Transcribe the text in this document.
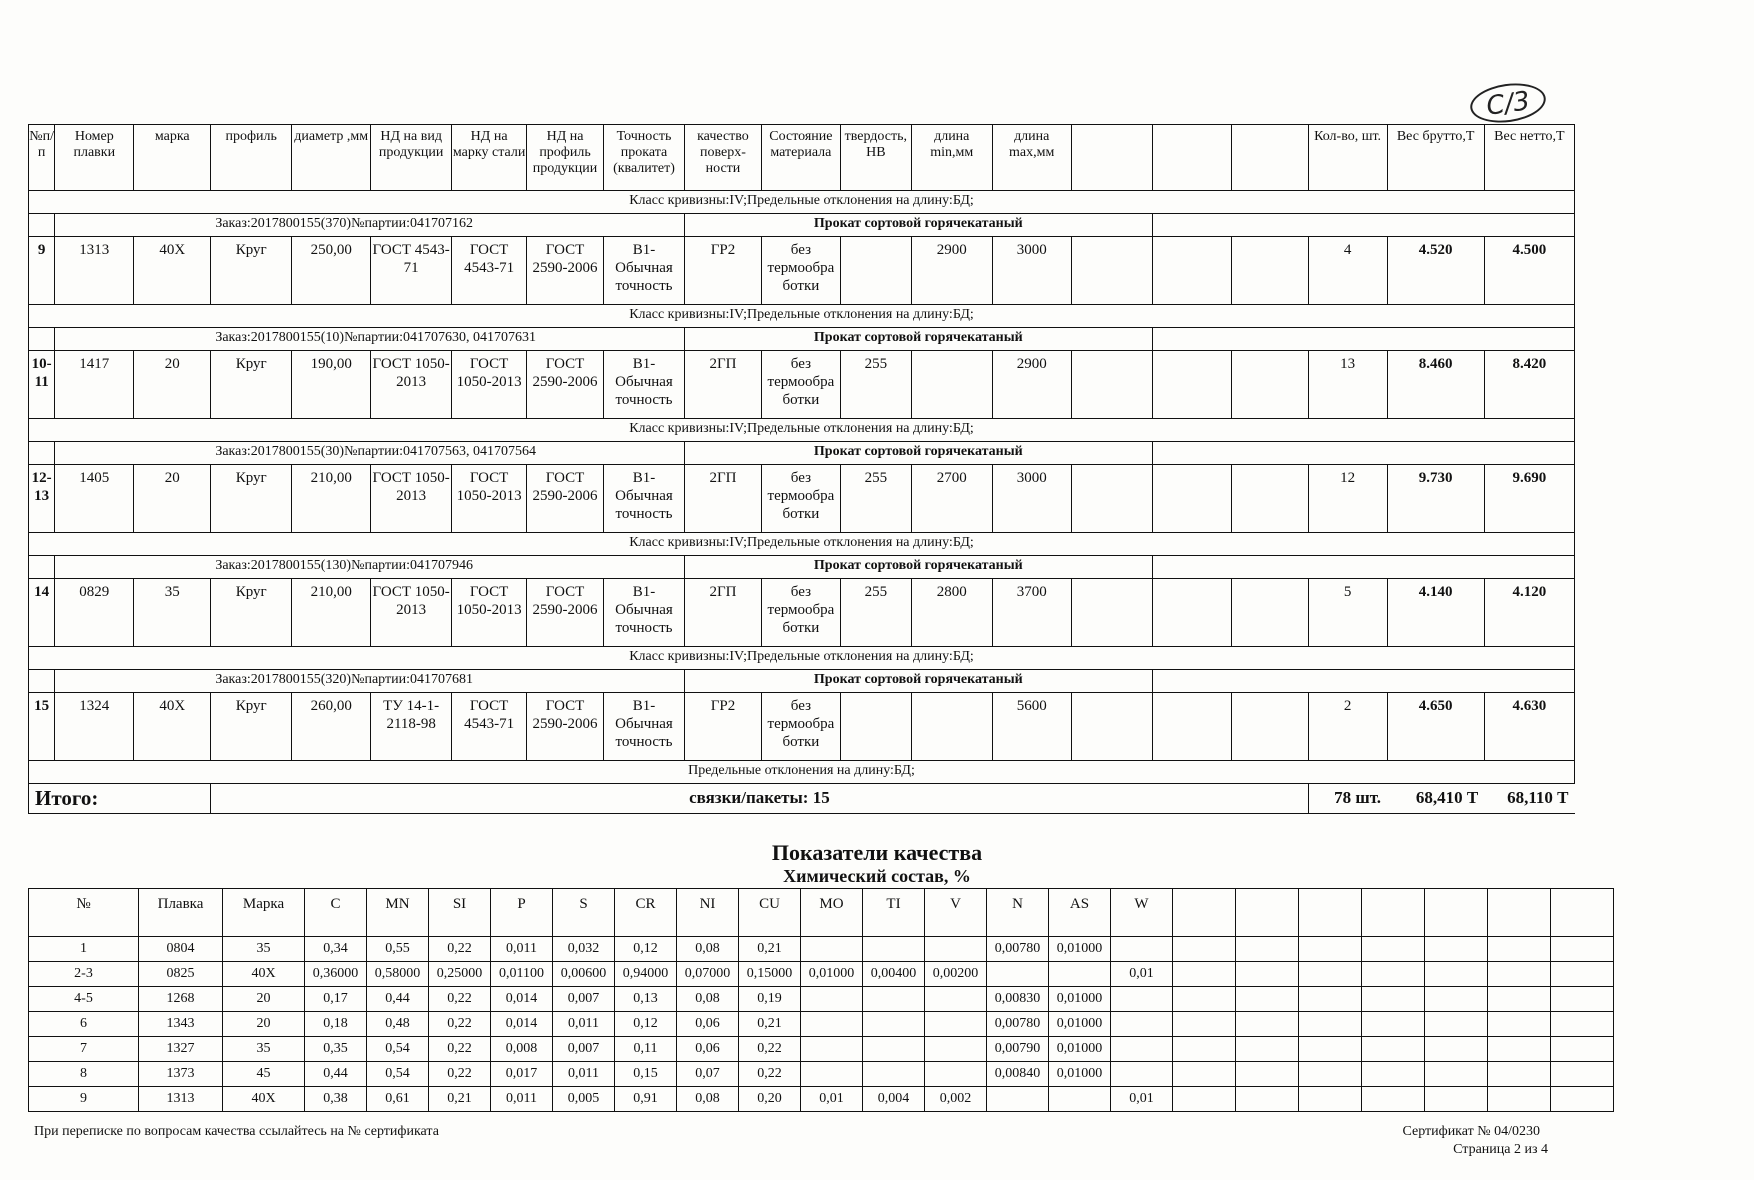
С/3
№п/п	Номер плавки	марка	профиль	диаметр ,мм	НД на вид продукции	НД на марку стали	НД на профиль продукции	Точность проката (квалитет)	качество поверх-ности	Состояние материала	твердость, НВ	длина min,мм	длина max,мм				Кол-во, шт.	Вес брутто,Т	Вес нетто,Т
Класс кривизны:IV;Предельные отклонения на длину:БД;																			
	Заказ:2017800155(370)№партии:041707162								Прокат сортовой горячекатаный										
9	1313	40Х	Круг	250,00	ГОСТ 4543-71	ГОСТ 4543-71	ГОСТ 2590-2006	В1-Обычная точность	ГР2	без термообра ботки		2900	3000				4	4.520	4.500
Класс кривизны:IV;Предельные отклонения на длину:БД;																			
	Заказ:2017800155(10)№партии:041707630, 041707631								Прокат сортовой горячекатаный										
10-11	1417	20	Круг	190,00	ГОСТ 1050-2013	ГОСТ 1050-2013	ГОСТ 2590-2006	В1-Обычная точность	2ГП	без термообра ботки	255		2900				13	8.460	8.420
Класс кривизны:IV;Предельные отклонения на длину:БД;																			
	Заказ:2017800155(30)№партии:041707563, 041707564								Прокат сортовой горячекатаный										
12-13	1405	20	Круг	210,00	ГОСТ 1050-2013	ГОСТ 1050-2013	ГОСТ 2590-2006	В1-Обычная точность	2ГП	без термообра ботки	255	2700	3000				12	9.730	9.690
Класс кривизны:IV;Предельные отклонения на длину:БД;																			
	Заказ:2017800155(130)№партии:041707946								Прокат сортовой горячекатаный										
14	0829	35	Круг	210,00	ГОСТ 1050-2013	ГОСТ 1050-2013	ГОСТ 2590-2006	В1-Обычная точность	2ГП	без термообра ботки	255	2800	3700				5	4.140	4.120
Класс кривизны:IV;Предельные отклонения на длину:БД;																			
	Заказ:2017800155(320)№партии:041707681								Прокат сортовой горячекатаный										
15	1324	40Х	Круг	260,00	ТУ 14-1-2118-98	ГОСТ 4543-71	ГОСТ 2590-2006	В1-Обычная точность	ГР2	без термообра ботки			5600				2	4.650	4.630
Предельные отклонения на длину:БД;																			
Итого:			связки/пакеты: 15														78 шт.	68,410 Т	68,110 Т
Показатели качества
Химический состав, %
№	Плавка	Марка	C	MN	SI	P	S	CR	NI	CU	MO	TI	V	N	AS	W							
1	0804	35	0,34	0,55	0,22	0,011	0,032	0,12	0,08	0,21				0,00780	0,01000								
2-3	0825	40Х	0,36000	0,58000	0,25000	0,01100	0,00600	0,94000	0,07000	0,15000	0,01000	0,00400	0,00200			0,01							
4-5	1268	20	0,17	0,44	0,22	0,014	0,007	0,13	0,08	0,19				0,00830	0,01000								
6	1343	20	0,18	0,48	0,22	0,014	0,011	0,12	0,06	0,21				0,00780	0,01000								
7	1327	35	0,35	0,54	0,22	0,008	0,007	0,11	0,06	0,22				0,00790	0,01000								
8	1373	45	0,44	0,54	0,22	0,017	0,011	0,15	0,07	0,22				0,00840	0,01000								
9	1313	40Х	0,38	0,61	0,21	0,011	0,005	0,91	0,08	0,20	0,01	0,004	0,002			0,01							
При переписке по вопросам качества ссылайтесь на № сертификата	Сертификат № 04/0230
Страница 2 из 4
